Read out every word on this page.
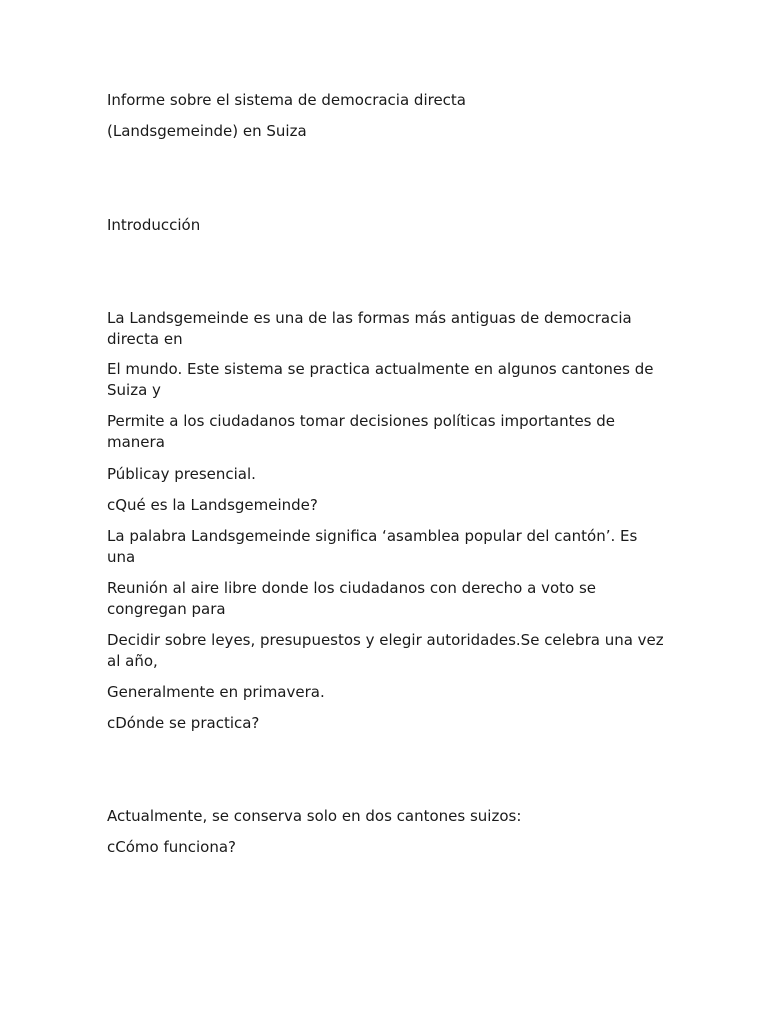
Informe sobre el sistema de democracia directa

(Landsgemeinde) en Suiza

Introducción

La Landsgemeinde es una de las formas más antiguas de democracia directa en

El mundo. Este sistema se practica actualmente en algunos cantones de Suiza y

Permite a los ciudadanos tomar decisiones políticas importantes de manera

Públicay presencial.

cQué es la Landsgemeinde?

La palabra Landsgemeinde significa ‘asamblea popular del cantón’. Es una

Reunión al aire libre donde los ciudadanos con derecho a voto se congregan para

Decidir sobre leyes, presupuestos y elegir autoridades.Se celebra una vez al año,

Generalmente en primavera.

cDónde se practica?

Actualmente, se conserva solo en dos cantones suizos:

cCómo funciona?
